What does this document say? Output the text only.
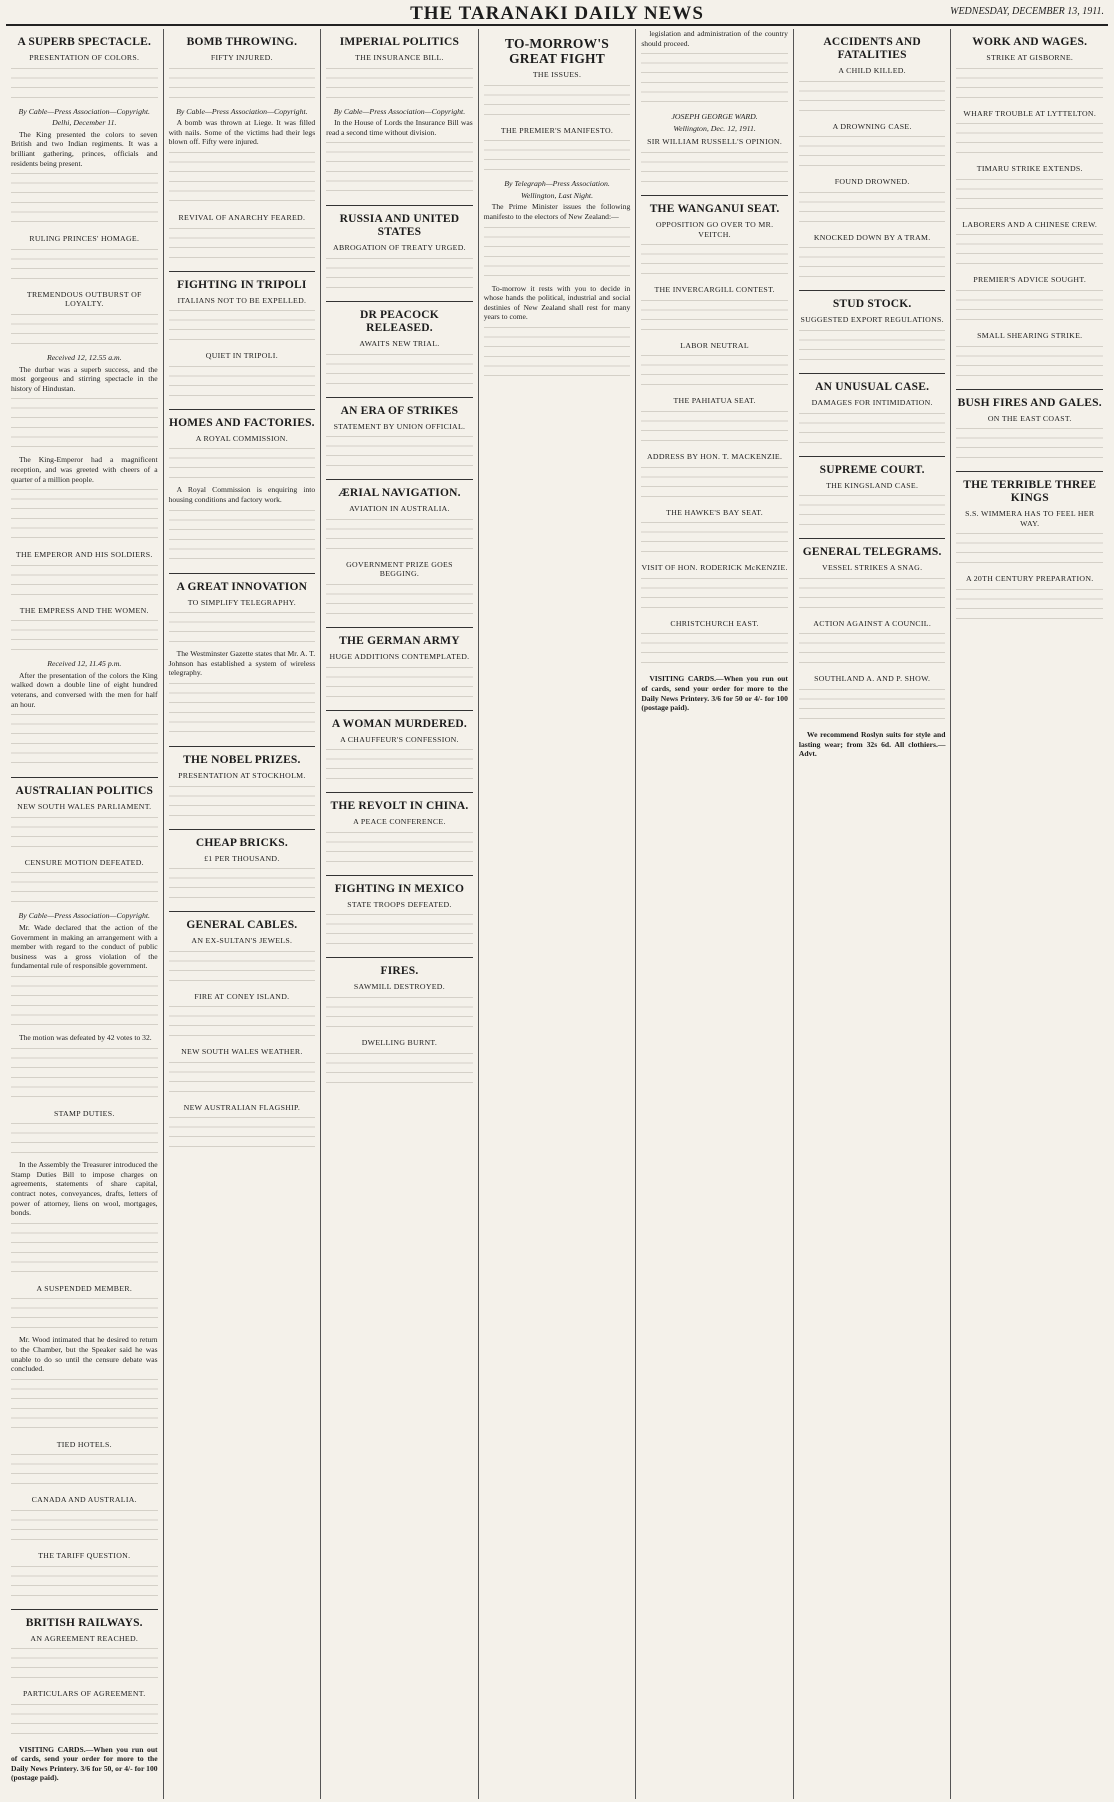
THE TARANAKI DAILY NEWS	WEDNESDAY, DECEMBER 13, 1911.
A SUPERB SPECTACLE.
PRESENTATION OF COLORS.
By Cable—Press Association—Copyright.
Delhi, December 11.
The King presented the colors to seven British and two Indian regiments. It was a brilliant gathering, princes, officials and residents being present.
RULING PRINCES' HOMAGE.
TREMENDOUS OUTBURST OF LOYALTY.
Received 12, 12.55 a.m.
The durbar was a superb success, and the most gorgeous and stirring spectacle in the history of Hindustan.
The King-Emperor had a magnificent reception, and was greeted with cheers of a quarter of a million people.
THE EMPEROR AND HIS SOLDIERS.
THE EMPRESS AND THE WOMEN.
Received 12, 11.45 p.m.
After the presentation of the colors the King walked down a double line of eight hundred veterans, and conversed with the men for half an hour.
AUSTRALIAN POLITICS
NEW SOUTH WALES PARLIAMENT.
CENSURE MOTION DEFEATED.
By Cable—Press Association—Copyright.
Mr. Wade declared that the action of the Government in making an arrangement with a member with regard to the conduct of public business was a gross violation of the fundamental rule of responsible government.
The motion was defeated by 42 votes to 32.
STAMP DUTIES.
In the Assembly the Treasurer introduced the Stamp Duties Bill to impose charges on agreements, statements of share capital, contract notes, conveyances, drafts, letters of power of attorney, liens on wool, mortgages, bonds.
A SUSPENDED MEMBER.
Mr. Wood intimated that he desired to return to the Chamber, but the Speaker said he was unable to do so until the censure debate was concluded.
TIED HOTELS.
CANADA AND AUSTRALIA.
THE TARIFF QUESTION.
BRITISH RAILWAYS.
AN AGREEMENT REACHED.
PARTICULARS OF AGREEMENT.
VISITING CARDS.—When you run out of cards, send your order for more to the Daily News Printery. 3/6 for 50, or 4/- for 100 (postage paid).
BOMB THROWING.
FIFTY INJURED.
By Cable—Press Association—Copyright.
A bomb was thrown at Liege. It was filled with nails. Some of the victims had their legs blown off. Fifty were injured.
REVIVAL OF ANARCHY FEARED.
FIGHTING IN TRIPOLI
ITALIANS NOT TO BE EXPELLED.
QUIET IN TRIPOLI.
HOMES AND FACTORIES.
A ROYAL COMMISSION.
A Royal Commission is enquiring into housing conditions and factory work.
A GREAT INNOVATION
TO SIMPLIFY TELEGRAPHY.
The Westminster Gazette states that Mr. A. T. Johnson has established a system of wireless telegraphy.
THE NOBEL PRIZES.
PRESENTATION AT STOCKHOLM.
CHEAP BRICKS.
£1 PER THOUSAND.
GENERAL CABLES.
AN EX-SULTAN'S JEWELS.
FIRE AT CONEY ISLAND.
NEW SOUTH WALES WEATHER.
NEW AUSTRALIAN FLAGSHIP.
IMPERIAL POLITICS
THE INSURANCE BILL.
By Cable—Press Association—Copyright.
In the House of Lords the Insurance Bill was read a second time without division.
RUSSIA AND UNITED STATES
ABROGATION OF TREATY URGED.
DR PEACOCK RELEASED.
AWAITS NEW TRIAL.
AN ERA OF STRIKES
STATEMENT BY UNION OFFICIAL.
ÆRIAL NAVIGATION.
AVIATION IN AUSTRALIA.
GOVERNMENT PRIZE GOES BEGGING.
THE GERMAN ARMY
HUGE ADDITIONS CONTEMPLATED.
A WOMAN MURDERED.
A CHAUFFEUR'S CONFESSION.
THE REVOLT IN CHINA.
A PEACE CONFERENCE.
FIGHTING IN MEXICO
STATE TROOPS DEFEATED.
FIRES.
SAWMILL DESTROYED.
DWELLING BURNT.
TO-MORROW'S GREAT FIGHT
THE ISSUES.
THE PREMIER'S MANIFESTO.
By Telegraph—Press Association.
Wellington, Last Night.
The Prime Minister issues the following manifesto to the electors of New Zealand:—
To-morrow it rests with you to decide in whose hands the political, industrial and social destinies of New Zealand shall rest for many years to come.
legislation and administration of the country should proceed.
JOSEPH GEORGE WARD.
Wellington, Dec. 12, 1911.
SIR WILLIAM RUSSELL'S OPINION.
THE WANGANUI SEAT.
OPPOSITION GO OVER TO MR. VEITCH.
THE INVERCARGILL CONTEST.
LABOR NEUTRAL
THE PAHIATUA SEAT.
ADDRESS BY HON. T. MACKENZIE.
THE HAWKE'S BAY SEAT.
VISIT OF HON. RODERICK McKENZIE.
CHRISTCHURCH EAST.
VISITING CARDS.—When you run out of cards, send your order for more to the Daily News Printery. 3/6 for 50 or 4/- for 100 (postage paid).
ACCIDENTS AND FATALITIES
A CHILD KILLED.
A DROWNING CASE.
FOUND DROWNED.
KNOCKED DOWN BY A TRAM.
STUD STOCK.
SUGGESTED EXPORT REGULATIONS.
AN UNUSUAL CASE.
DAMAGES FOR INTIMIDATION.
SUPREME COURT.
THE KINGSLAND CASE.
GENERAL TELEGRAMS.
VESSEL STRIKES A SNAG.
ACTION AGAINST A COUNCIL.
SOUTHLAND A. AND P. SHOW.
We recommend Roslyn suits for style and lasting wear; from 32s 6d. All clothiers.—Advt.
WORK AND WAGES.
STRIKE AT GISBORNE.
WHARF TROUBLE AT LYTTELTON.
TIMARU STRIKE EXTENDS.
LABORERS AND A CHINESE CREW.
PREMIER'S ADVICE SOUGHT.
SMALL SHEARING STRIKE.
BUSH FIRES AND GALES.
ON THE EAST COAST.
THE TERRIBLE THREE KINGS
S.S. WIMMERA HAS TO FEEL HER WAY.
A 20TH CENTURY PREPARATION.
